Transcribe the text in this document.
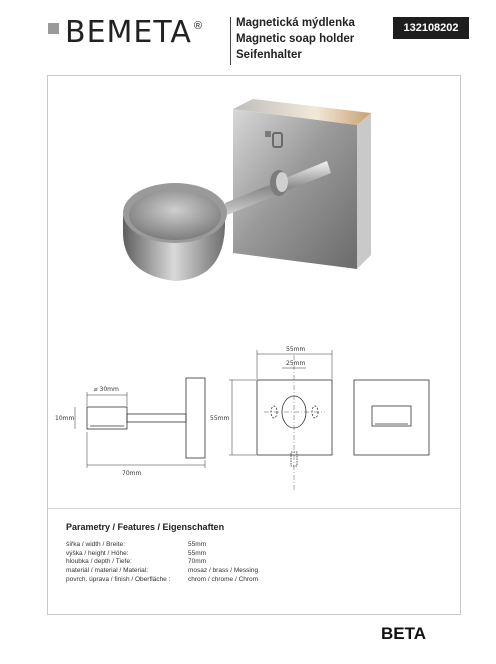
BEMETA ®	Magnetická mýdlenka
Magnetic soap holder
Seifenhalter
132108202
⌀ 30mm
10mm
70mm
55mm
25mm
55mm
Parametry / Features / Eigenschaften
šířka / width / Breite:	55mm
výška / height / Höhe:	55mm
hloubka / depth / Tiefe:	70mm
materiál / material / Material:	mosaz / brass / Messing
povrch. úprava / finish / Oberfläche :	chrom / chrome / Chrom
BETA
